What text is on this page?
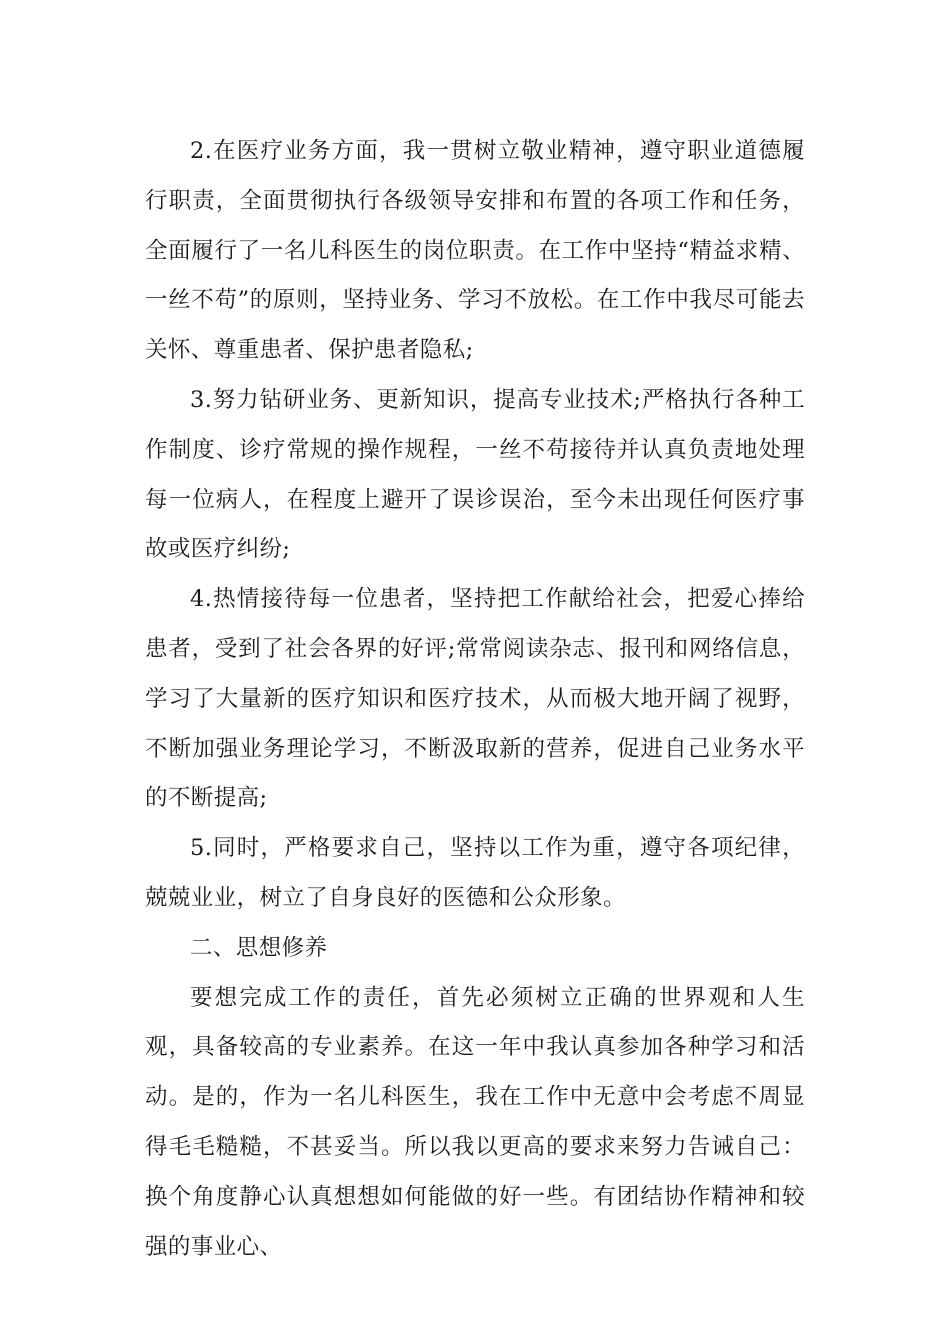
2.在医疗业务方面，我一贯树立敬业精神，遵守职业道德履行职责，全面贯彻执行各级领导安排和布置的各项工作和任务，全面履行了一名儿科医生的岗位职责。在工作中坚持“精益求精、一丝不苟”的原则，坚持业务、学习不放松。在工作中我尽可能去关怀、尊重患者、保护患者隐私;

3.努力钻研业务、更新知识，提高专业技术;严格执行各种工作制度、诊疗常规的操作规程，一丝不苟接待并认真负责地处理每一位病人，在程度上避开了误诊误治，至今未出现任何医疗事故或医疗纠纷;

4.热情接待每一位患者，坚持把工作献给社会，把爱心捧给患者，受到了社会各界的好评;常常阅读杂志、报刊和网络信息，学习了大量新的医疗知识和医疗技术，从而极大地开阔了视野，不断加强业务理论学习，不断汲取新的营养，促进自己业务水平的不断提高;

5.同时，严格要求自己，坚持以工作为重，遵守各项纪律，兢兢业业，树立了自身良好的医德和公众形象。

二、思想修养

要想完成工作的责任，首先必须树立正确的世界观和人生观，具备较高的专业素养。在这一年中我认真参加各种学习和活动。是的，作为一名儿科医生，我在工作中无意中会考虑不周显得毛毛糙糙，不甚妥当。所以我以更高的要求来努力告诫自己：换个角度静心认真想想如何能做的好一些。有团结协作精神和较强的事业心、
